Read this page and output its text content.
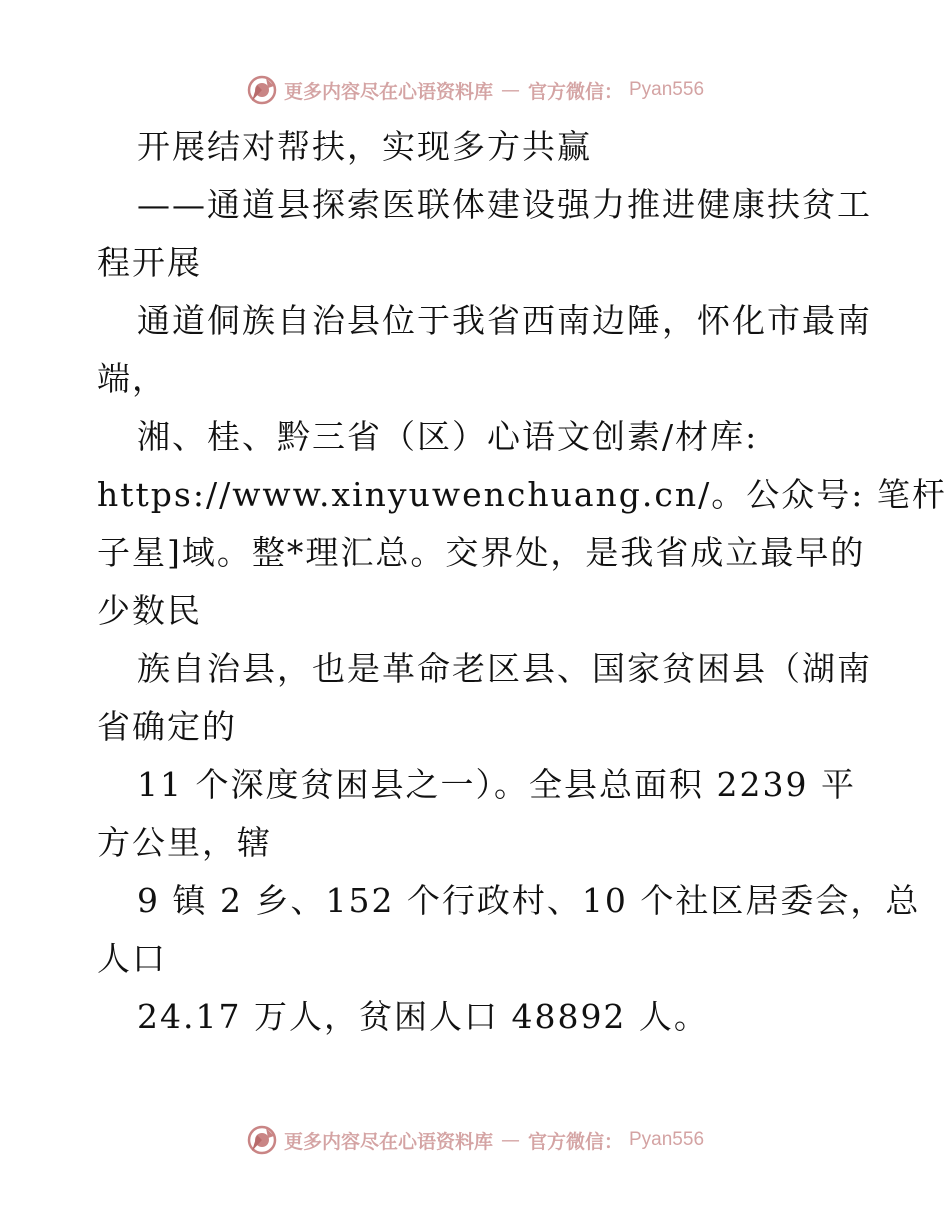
更多内容尽在心语资料库 — 官方微信： Pyan556
开展结对帮扶，实现多方共赢
——通道县探索医联体建设强力推进健康扶贫工
程开展
通道侗族自治县位于我省西南边陲，怀化市最南
端，
湘、桂、黔三省（区）心语文创素/材库:
https://www.xinyuwenchuang.cn/。公众号: 笔杆
子星]域。整*理汇总。交界处，是我省成立最早的
少数民
族自治县，也是革命老区县、国家贫困县（湖南
省确定的
11 个深度贫困县之一）。全县总面积 2239 平
方公里，辖
9 镇 2 乡、152 个行政村、10 个社区居委会，总
人口
24.17 万人，贫困人口 48892 人。
更多内容尽在心语资料库 — 官方微信： Pyan556
